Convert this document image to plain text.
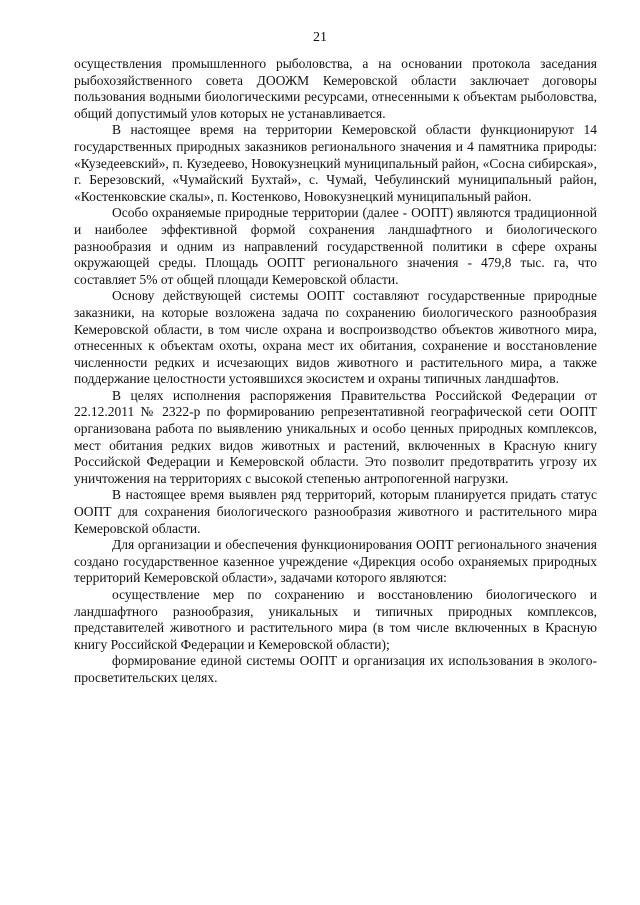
21

осуществления промышленного рыболовства, а на основании протокола заседания рыбохозяйственного совета ДООЖМ Кемеровской области заключает договоры пользования водными биологическими ресурсами, отнесенными к объектам рыболовства, общий допустимый улов которых не устанавливается.

В настоящее время на территории Кемеровской области функционируют 14 государственных природных заказников регионального значения и 4 памятника природы: «Кузедеевский», п. Кузедеево, Новокузнецкий муниципальный район, «Сосна сибирская», г. Березовский, «Чумайский Бухтай», с. Чумай, Чебулинский муниципальный район, «Костенковские скалы», п. Костенково, Новокузнецкий муниципальный район.

Особо охраняемые природные территории (далее - ООПТ) являются традиционной и наиболее эффективной формой сохранения ландшафтного и биологического разнообразия и одним из направлений государственной политики в сфере охраны окружающей среды. Площадь ООПТ регионального значения - 479,8 тыс. га, что составляет 5% от общей площади Кемеровской области.

Основу действующей системы ООПТ составляют государственные природные заказники, на которые возложена задача по сохранению биологического разнообразия Кемеровской области, в том числе охрана и воспроизводство объектов животного мира, отнесенных к объектам охоты, охрана мест их обитания, сохранение и восстановление численности редких и исчезающих видов животного и растительного мира, а также поддержание целостности устоявшихся экосистем и охраны типичных ландшафтов.

В целях исполнения распоряжения Правительства Российской Федерации от 22.12.2011 № 2322-р по формированию репрезентативной географической сети ООПТ организована работа по выявлению уникальных и особо ценных природных комплексов, мест обитания редких видов животных и растений, включенных в Красную книгу Российской Федерации и Кемеровской области. Это позволит предотвратить угрозу их уничтожения на территориях с высокой степенью антропогенной нагрузки.

В настоящее время выявлен ряд территорий, которым планируется придать статус ООПТ для сохранения биологического разнообразия животного и растительного мира Кемеровской области.

Для организации и обеспечения функционирования ООПТ регионального значения создано государственное казенное учреждение «Дирекция особо охраняемых природных территорий Кемеровской области», задачами которого являются:

осуществление мер по сохранению и восстановлению биологического и ландшафтного разнообразия, уникальных и типичных природных комплексов, представителей животного и растительного мира (в том числе включенных в Красную книгу Российской Федерации и Кемеровской области);

формирование единой системы ООПТ и организация их использования в эколого-просветительских целях.
